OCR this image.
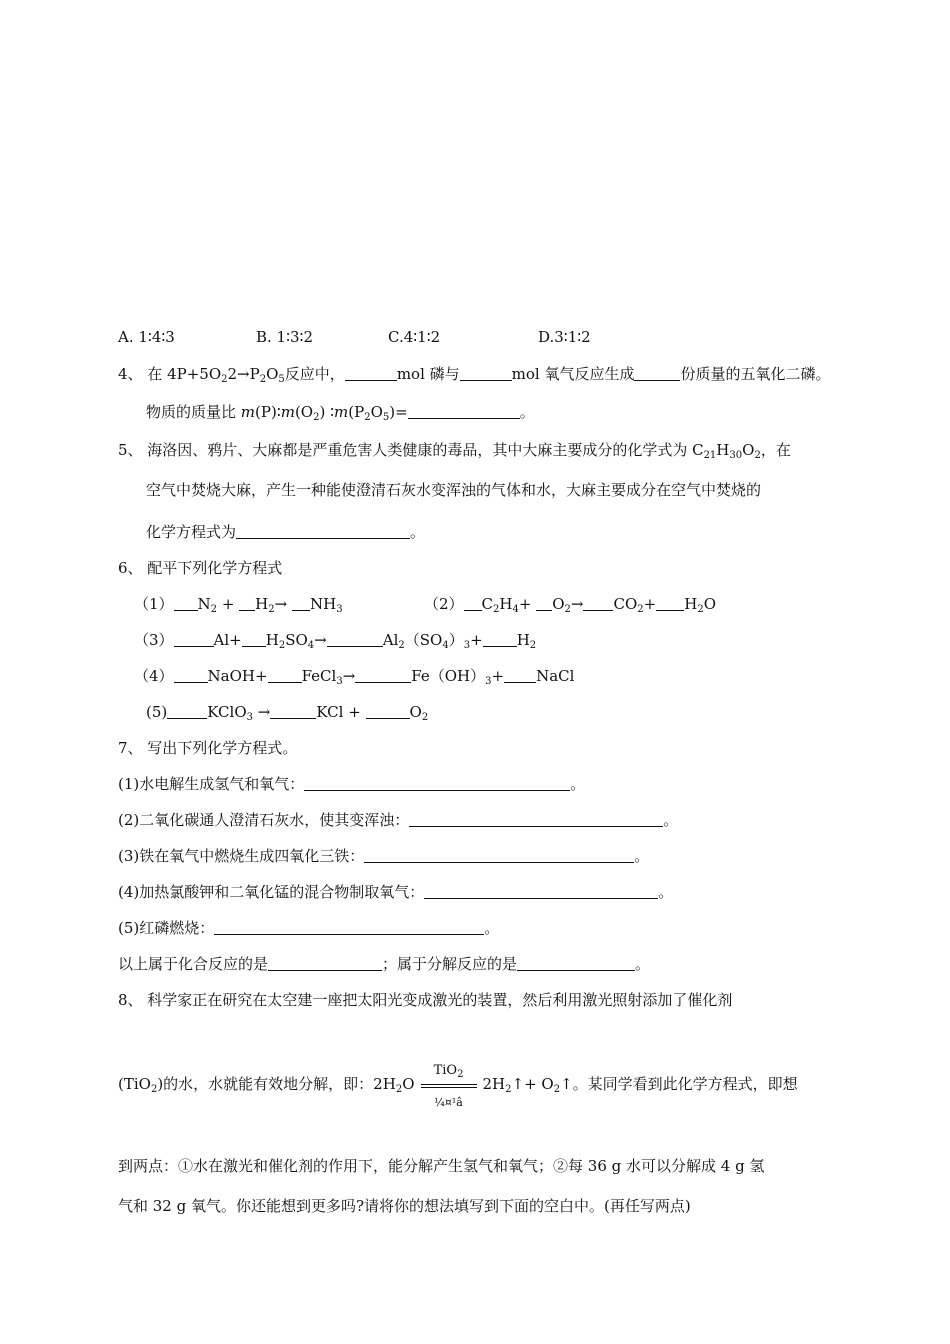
A. 1∶4∶3	B. 1∶3∶2	C.4∶1∶2	D.3∶1∶2
4、 在 $4P+5O_22\to P_2O_5$反应中，	mol 磷与	mol 氧气反应生成	份质量的五氧化二磷。
物质的质量比 $m(P)∶m(O_2)$ $∶m(P_2O_5)=$	。
5、 海洛因、鸦片、大麻都是严重危害人类健康的毒品，其中大麻主要成分的化学式为 $C_{21}H_{30}O_2$，在
空气中焚烧大麻，产生一种能使澄清石灰水变浑浊的气体和水，大麻主要成分在空气中焚烧的
化学方程式为	。
6、 配平下列化学方程式
（1） $N_2 + H_2\to NH_3$	（2） $C_2H_4+ O_2\to CO_2+ H_2O$
（3）	$Al+ H_2SO_4\to$	$Al_2(SO_4)_3+ H_2$
（4） NaOH+ FeCl$_3$→	$Fe(OH)_3+$ NaCl
(5)	KClO$_3$ →	KCl +	$O_2$
7、 写出下列化学方程式。
(1)水电解生成氢气和氧气：	。
(2)二氧化碳通人澄清石灰水，使其变浑浊：	。
(3)铁在氧气中燃烧生成四氧化三铁：	。
(4)加热氯酸钾和二氧化锰的混合物制取氧气：	。
(5)红磷燃烧：	。
以上属于化合反应的是	；属于分解反应的是	。
8、 科学家正在研究在太空建一座把太阳光变成激光的装置，然后利用激光照射添加了催化剂
(TiO$_2$)的水，水就能有效地分解，即：$2H_2O \frac{TiO_2}{\text{¼¤¹â}}$ $2H_2↑+$ $O_2↑$。某同学看到此化学方程式，即想
到两点：①水在激光和催化剂的作用下，能分解产生氢气和氧气；②每 36 g 水可以分解成 4 g 氢
气和 32 g 氧气。你还能想到更多吗?请将你的想法填写到下面的空白中。(再任写两点)
